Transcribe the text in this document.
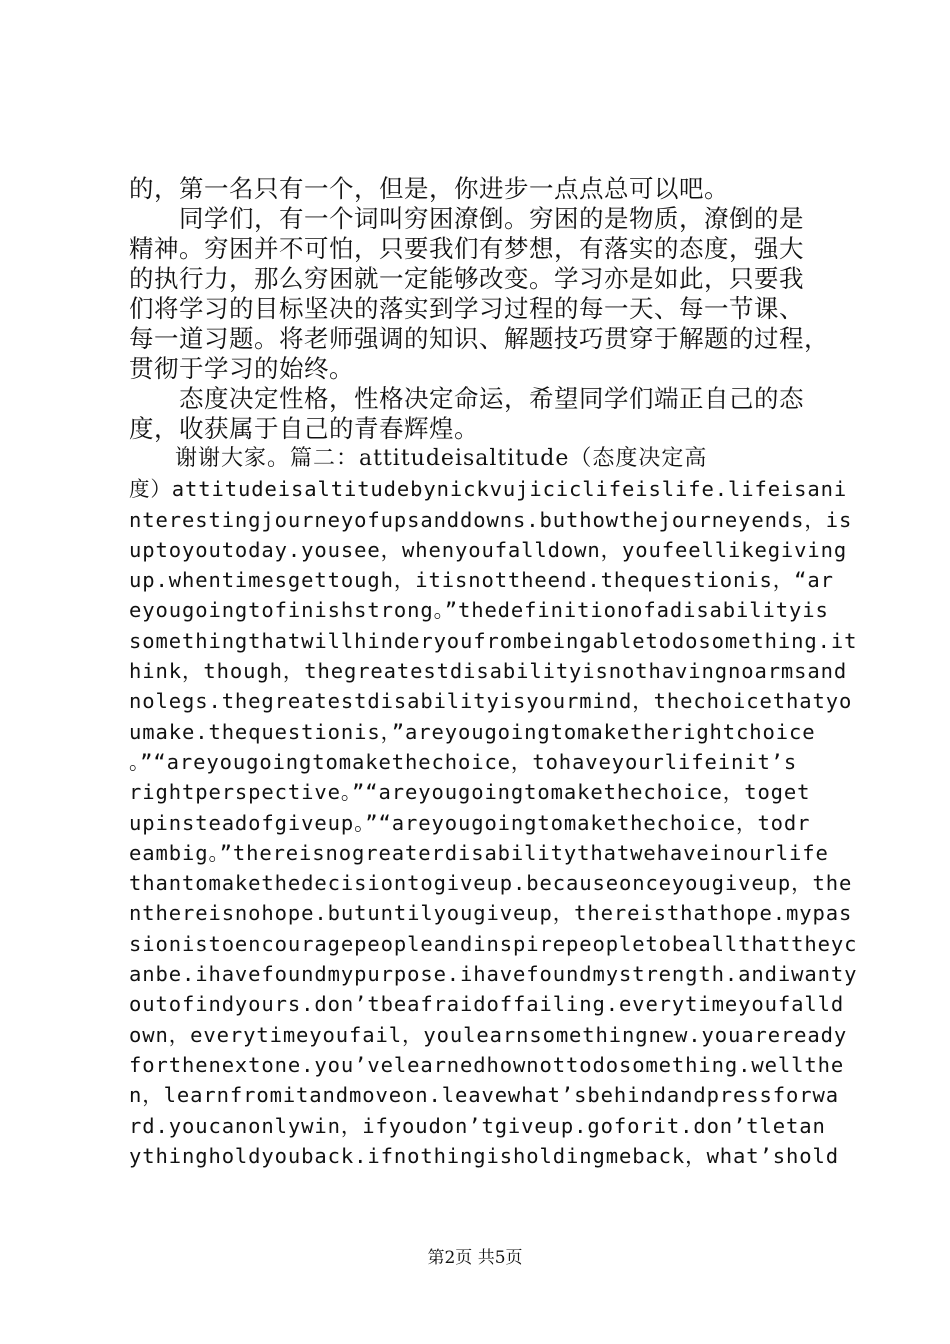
的，第一名只有一个，但是，你进步一点点总可以吧。
　　同学们，有一个词叫穷困潦倒。穷困的是物质，潦倒的是
精神。穷困并不可怕，只要我们有梦想，有落实的态度，强大
的执行力，那么穷困就一定能够改变。学习亦是如此，只要我
们将学习的目标坚决的落实到学习过程的每一天、每一节课、
每一道习题。将老师强调的知识、解题技巧贯穿于解题的过程，
贯彻于学习的始终。
　　态度决定性格，性格决定命运，希望同学们端正自己的态
度，收获属于自己的青春辉煌。
　　谢谢大家。篇二：attitudeisaltitude（态度决定高
度）attitudeisaltitudebynickvujiciclifeislife.lifeisani
nterestingjourneyofupsanddowns.buthowthejourneyends，is
uptoyoutoday.yousee，whenyoufalldown，youfeellikegiving
up.whentimesgettough，itisnottheend.thequestionis，“ar
eyougoingtofinishstrong。”thedefinitionofadisabilityis
somethingthatwillhinderyoufrombeingabletodosomething.it
hink，though，thegreatestdisabilityisnothavingnoarmsand
nolegs.thegreatestdisabilityisyourmind，thechoicethatyo
umake.thequestionis，”areyougoingtomaketherightchoice
。”“areyougoingtomakethechoice，tohaveyourlifeinit’s
rightperspective。”“areyougoingtomakethechoice，toget
upinsteadofgiveup。”“areyougoingtomakethechoice，todr
eambig。”thereisnogreaterdisabilitythatwehaveinourlife
thantomakethedecisiontogiveup.becauseonceyougiveup，the
nthereisnohope.butuntilyougiveup，thereisthathope.mypas
sionistoencouragepeopleandinspirepeopletobeallthattheyc
anbe.ihavefoundmypurpose.ihavefoundmystrength.andiwanty
outofindyours.don’tbeafraidoffailing.everytimeyoufalld
own，everytimeyoufail，youlearnsomethingnew.youareready
forthenextone.you’velearnedhownottodosomething.wellthe
n，learnfromitandmoveon.leavewhat’sbehindandpressforwa
rd.youcanonlywin，ifyoudon’tgiveup.goforit.don’tletan
ythingholdyouback.ifnothingisholdingmeback，what’shold
第2页 共5页
